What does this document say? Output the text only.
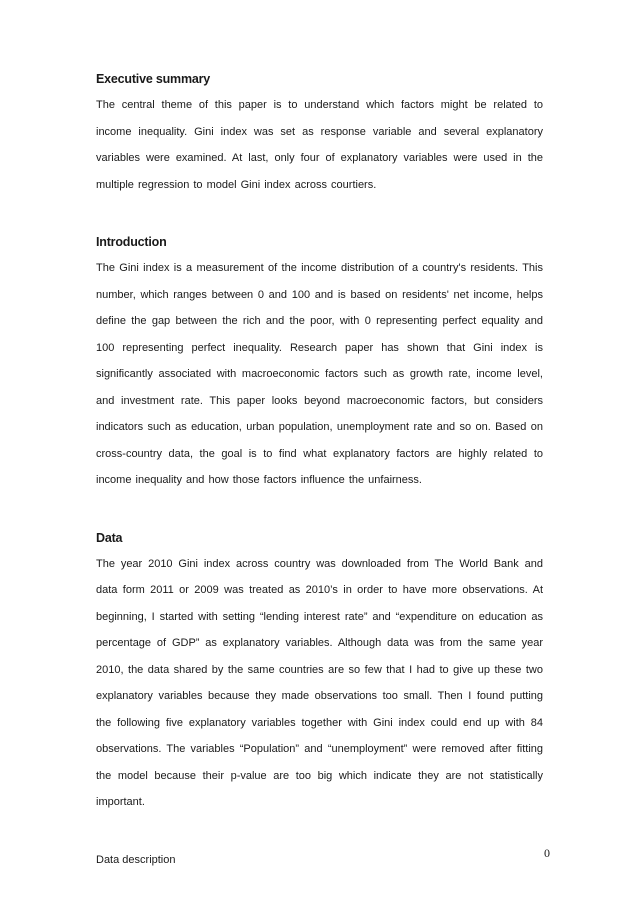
Executive summary

The central theme of this paper is to understand which factors might be related to income inequality. Gini index was set as response variable and several explanatory variables were examined. At last, only four of explanatory variables were used in the multiple regression to model Gini index across courtiers.

Introduction

The Gini index is a measurement of the income distribution of a country's residents. This number, which ranges between 0 and 100 and is based on residents' net income, helps define the gap between the rich and the poor, with 0 representing perfect equality and 100 representing perfect inequality. Research paper has shown that Gini index is significantly associated with macroeconomic factors such as growth rate, income level, and investment rate. This paper looks beyond macroeconomic factors, but considers indicators such as education, urban population, unemployment rate and so on. Based on cross-country data, the goal is to find what explanatory factors are highly related to income inequality and how those factors influence the unfairness.

Data

The year 2010 Gini index across country was downloaded from The World Bank and data form 2011 or 2009 was treated as 2010’s in order to have more observations. At beginning, I started with setting “lending interest rate” and “expenditure on education as percentage of GDP” as explanatory variables. Although data was from the same year 2010, the data shared by the same countries are so few that I had to give up these two explanatory variables because they made observations too small. Then I found putting the following five explanatory variables together with Gini index could end up with 84 observations. The variables “Population” and “unemployment” were removed after fitting the model because their p-value are too big which indicate they are not statistically important.

Data description	0
